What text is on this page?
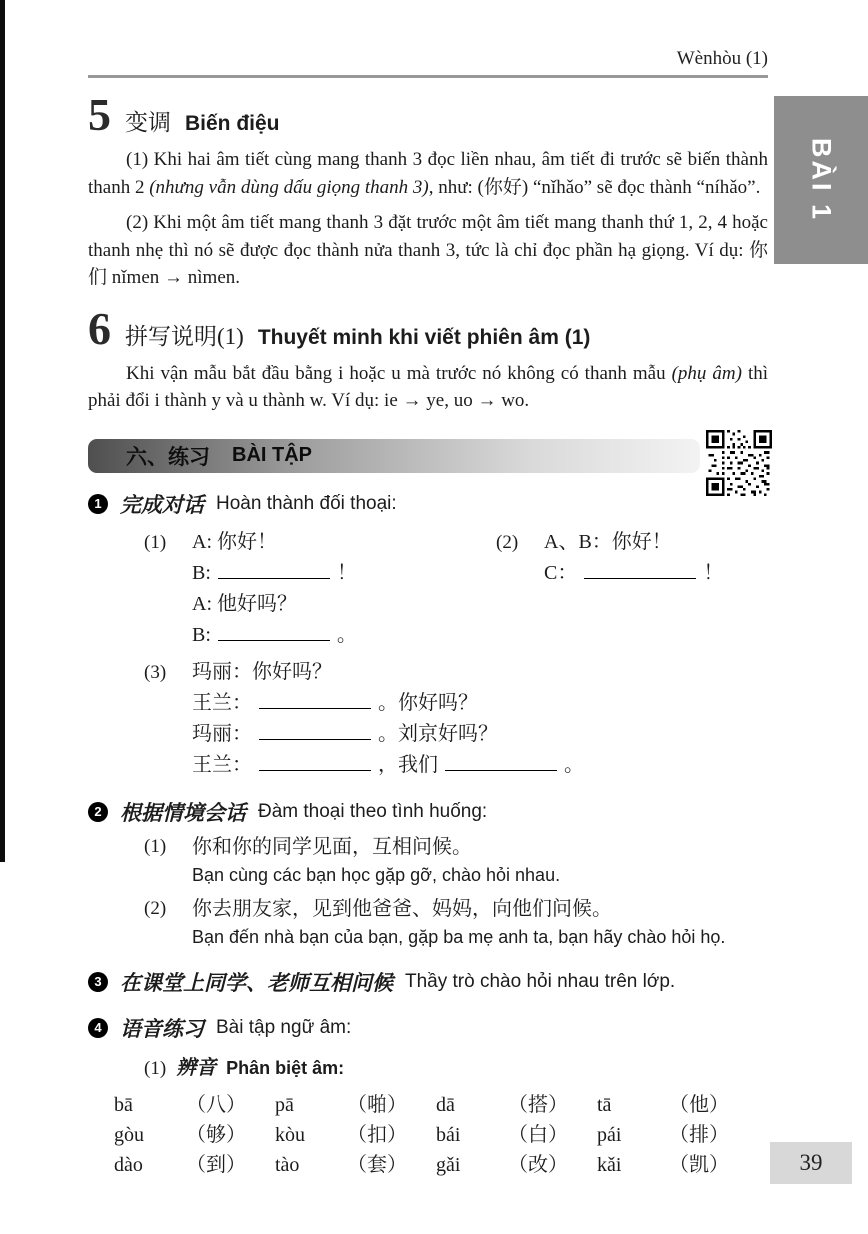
BÀI 1
Wènhòu (1)
5 变调 Biến điệu

(1) Khi hai âm tiết cùng mang thanh 3 đọc liền nhau, âm tiết đi trước sẽ biến thành thanh 2 (nhưng vẫn dùng dấu giọng thanh 3), như: (你好) “nǐhǎo” sẽ đọc thành “níhǎo”.

(2) Khi một âm tiết mang thanh 3 đặt trước một âm tiết mang thanh thứ 1, 2, 4 hoặc thanh nhẹ thì nó sẽ được đọc thành nửa thanh 3, tức là chỉ đọc phần hạ giọng. Ví dụ: 你们 nǐmen → nìmen.

6 拼写说明(1) Thuyết minh khi viết phiên âm (1)

Khi vận mẫu bắt đầu bằng i hoặc u mà trước nó không có thanh mẫu (phụ âm) thì phải đổi i thành y và u thành w. Ví dụ: ie → ye, uo → wo.

六、练习 BÀI TẬP
1 完成对话 Hoàn thành đối thoại:
(1)	A: 你好！
B:	！
A: 他好吗？
B:	。
(2)	A、B：你好！
C：	！
(3)	玛丽：你好吗？
王兰：	。你好吗？
玛丽：	。刘京好吗？
王兰：	，我们	。
2 根据情境会话 Đàm thoại theo tình huống:
(1)	你和你的同学见面，互相问候。
Bạn cùng các bạn học gặp gỡ, chào hỏi nhau.
(2)	你去朋友家，见到他爸爸、妈妈，向他们问候。
Bạn đến nhà bạn của bạn, gặp ba mẹ anh ta, bạn hãy chào hỏi họ.
3 在课堂上同学、老师互相问候 Thầy trò chào hỏi nhau trên lớp.
4 语音练习 Bài tập ngữ âm:
(1) 辨音 Phân biệt âm:
bā	（八） pā	（啪） dā	（搭） tā	（他）
gòu	（够） kòu	（扣） bái	（白） pái	（排）
dào	（到） tào	（套） gǎi	（改） kǎi	（凯）	39
